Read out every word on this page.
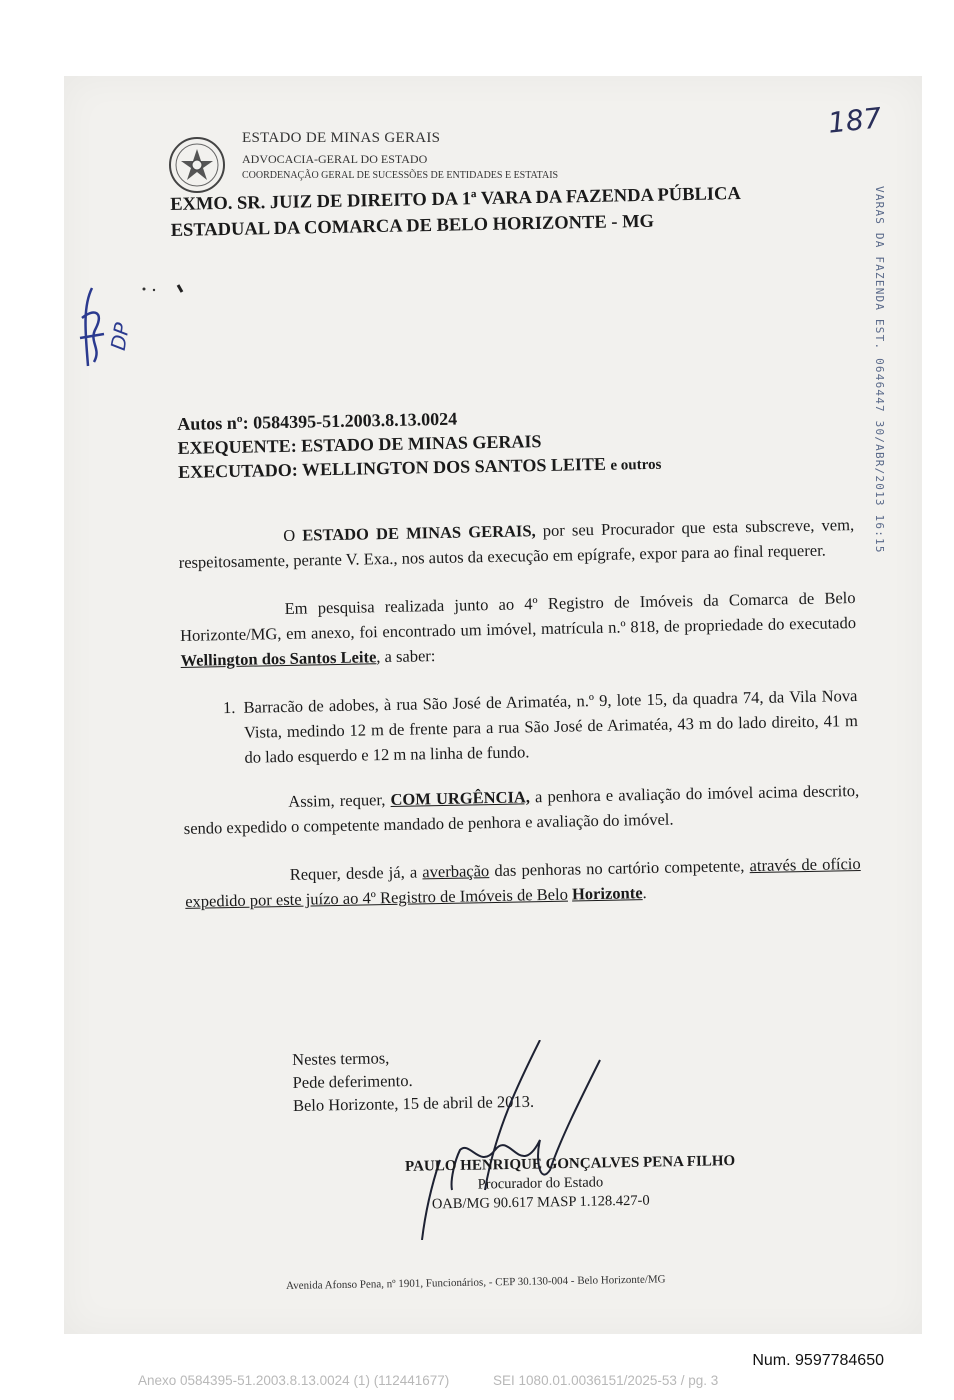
ESTADO DE MINAS GERAIS
ADVOCACIA-GERAL DO ESTADO
COORDENAÇÃO GERAL DE SUCESSÕES DE ENTIDADES E ESTATAIS
187
EXMO. SR. JUIZ DE DIREITO DA 1ª VARA DA FAZENDA PÚBLICA
ESTADUAL DA COMARCA DE BELO HORIZONTE - MG	VARAS DA FAZENDA EST. 0646447 30/ABR/2013 16:15
DP
Autos nº: 0584395-51.2003.8.13.0024
EXEQUENTE: ESTADO DE MINAS GERAIS
EXECUTADO: WELLINGTON DOS SANTOS LEITE e outros

O ESTADO DE MINAS GERAIS, por seu Procurador que esta subscreve, vem, respeitosamente, perante V. Exa., nos autos da execução em epígrafe, expor para ao final requerer.

Em pesquisa realizada junto ao 4º Registro de Imóveis da Comarca de Belo Horizonte/MG, em anexo, foi encontrado um imóvel, matrícula n.º 818, de propriedade do executado Wellington dos Santos Leite, a saber:

1. Barracão de adobes, à rua São José de Arimatéa, n.º 9, lote 15, da quadra 74, da Vila Nova Vista, medindo 12 m de frente para a rua São José de Arimatéa, 43 m do lado direito, 41 m do lado esquerdo e 12 m na linha de fundo.

Assim, requer, COM URGÊNCIA, a penhora e avaliação do imóvel acima descrito, sendo expedido o competente mandado de penhora e avaliação do imóvel.

Requer, desde já, a averbação das penhoras no cartório competente, através de ofício expedido por este juízo ao 4º Registro de Imóveis de Belo Horizonte.

Nestes termos,
Pede deferimento.
Belo Horizonte, 15 de abril de 2013.
PAULO HENRIQUE GONÇALVES PENA FILHO
Procurador do Estado
OAB/MG 90.617 MASP 1.128.427-0
Avenida Afonso Pena, nº 1901, Funcionários, - CEP 30.130-004 - Belo Horizonte/MG
Num. 9597784650
Anexo 0584395-51.2003.8.13.0024 (1) (112441677)	SEI 1080.01.0036151/2025-53 / pg. 3
